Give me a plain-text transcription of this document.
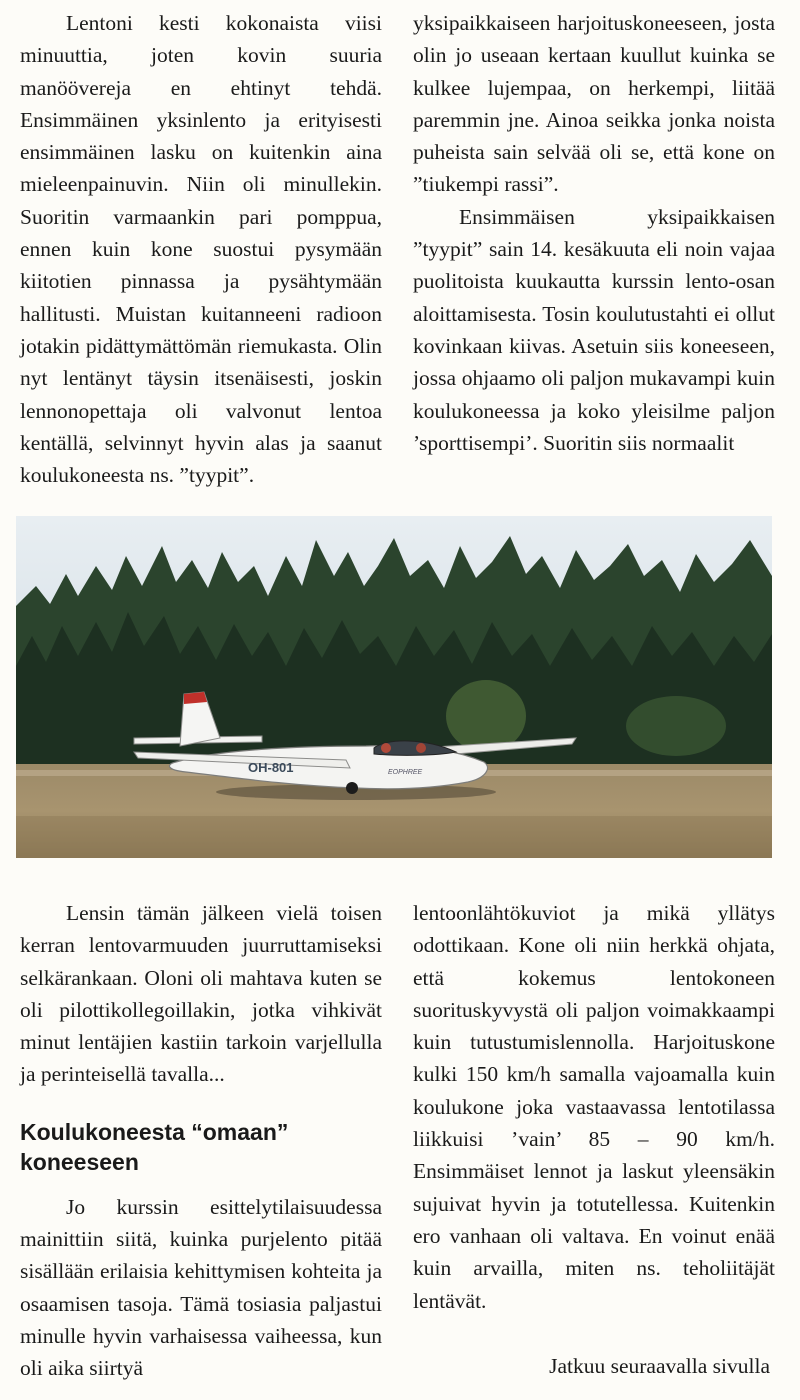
Lentoni kesti kokonaista viisi minuuttia, joten kovin suuria manöövereja en ehtinyt tehdä. Ensimmäinen yksinlento ja erityisesti ensimmäinen lasku on kuitenkin aina mieleenpainuvin. Niin oli minullekin. Suoritin varmaankin pari pomppua, ennen kuin kone suostui pysymään kiitotien pinnassa ja pysähtymään hallitusti. Muistan kuitanneeni radioon jotakin pidättymättömän riemukasta. Olin nyt lentänyt täysin itsenäisesti, joskin lennonopettaja oli valvonut lentoa kentällä, selvinnyt hyvin alas ja saanut koulukoneesta ns. ”tyypit”.

yksipaikkaiseen harjoituskoneeseen, josta olin jo useaan kertaan kuullut kuinka se kulkee lujempaa, on herkempi, liitää paremmin jne. Ainoa seikka jonka noista puheista sain selvää oli se, että kone on ”tiukempi rassi”.

Ensimmäisen yksipaikkaisen ”tyypit” sain 14. kesäkuuta eli noin vajaa puolitoista kuukautta kurssin lento-osan aloittamisesta. Tosin koulutustahti ei ollut kovinkaan kiivas. Asetuin siis koneeseen, jossa ohjaamo oli paljon mukavampi kuin koulukoneessa ja koko yleisilme paljon ’sporttisempi’. Suoritin siis normaalit

OH-801	EOPHREE

Lensin tämän jälkeen vielä toisen kerran lentovarmuuden juurruttamiseksi selkärankaan. Oloni oli mahtava kuten se oli pilottikollegoillakin, jotka vihkivät minut lentäjien kastiin tarkoin varjellulla ja perinteisellä tavalla...

Koulukoneesta “omaan” koneeseen

Jo kurssin esittelytilaisuudessa mainittiin siitä, kuinka purjelento pitää sisällään erilaisia kehittymisen kohteita ja osaamisen tasoja. Tämä tosiasia paljastui minulle hyvin varhaisessa vaiheessa, kun oli aika siirtyä

lentoonlähtökuviot ja mikä yllätys odottikaan. Kone oli niin herkkä ohjata, että kokemus lentokoneen suorituskyvystä oli paljon voimakkaampi kuin tutustumislennolla. Harjoituskone kulki 150 km/h samalla vajoamalla kuin koulukone joka vastaavassa lentotilassa liikkuisi ’vain’ 85 – 90 km/h. Ensimmäiset lennot ja laskut yleensäkin sujuivat hyvin ja totutellessa. Kuitenkin ero vanhaan oli valtava. En voinut enää kuin arvailla, miten ns. teholiitäjät lentävät.

Jatkuu seuraavalla sivulla
